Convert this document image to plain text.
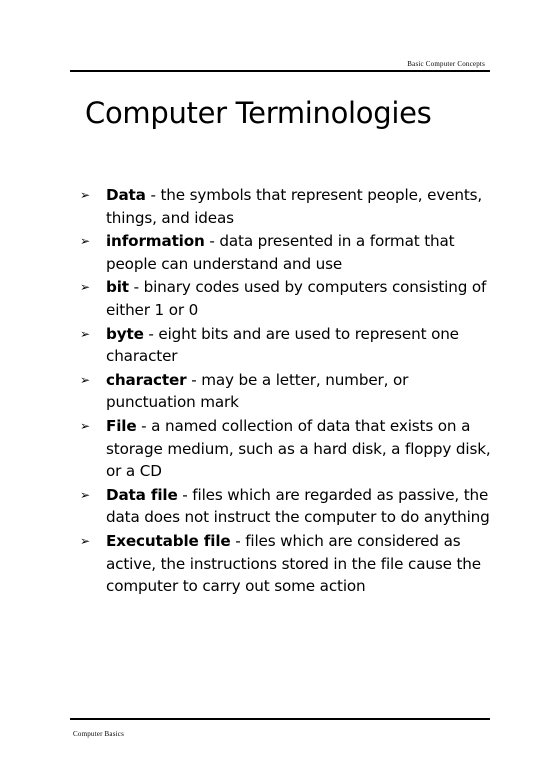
Basic Computer Concepts
Computer Terminologies
➢ Data - the symbols that represent people, events, things, and ideas
➢ information - data presented in a format that people can understand and use
➢ bit - binary codes used by computers consisting of either 1 or 0
➢ byte - eight bits and are used to represent one character
➢ character - may be a letter, number, or punctuation mark
➢ File - a named collection of data that exists on a storage medium, such as a hard disk, a floppy disk, or a CD
➢ Data file - files which are regarded as passive, the data does not instruct the computer to do anything
➢ Executable file - files which are considered as active, the instructions stored in the file cause the computer to carry out some action
Computer Basics
